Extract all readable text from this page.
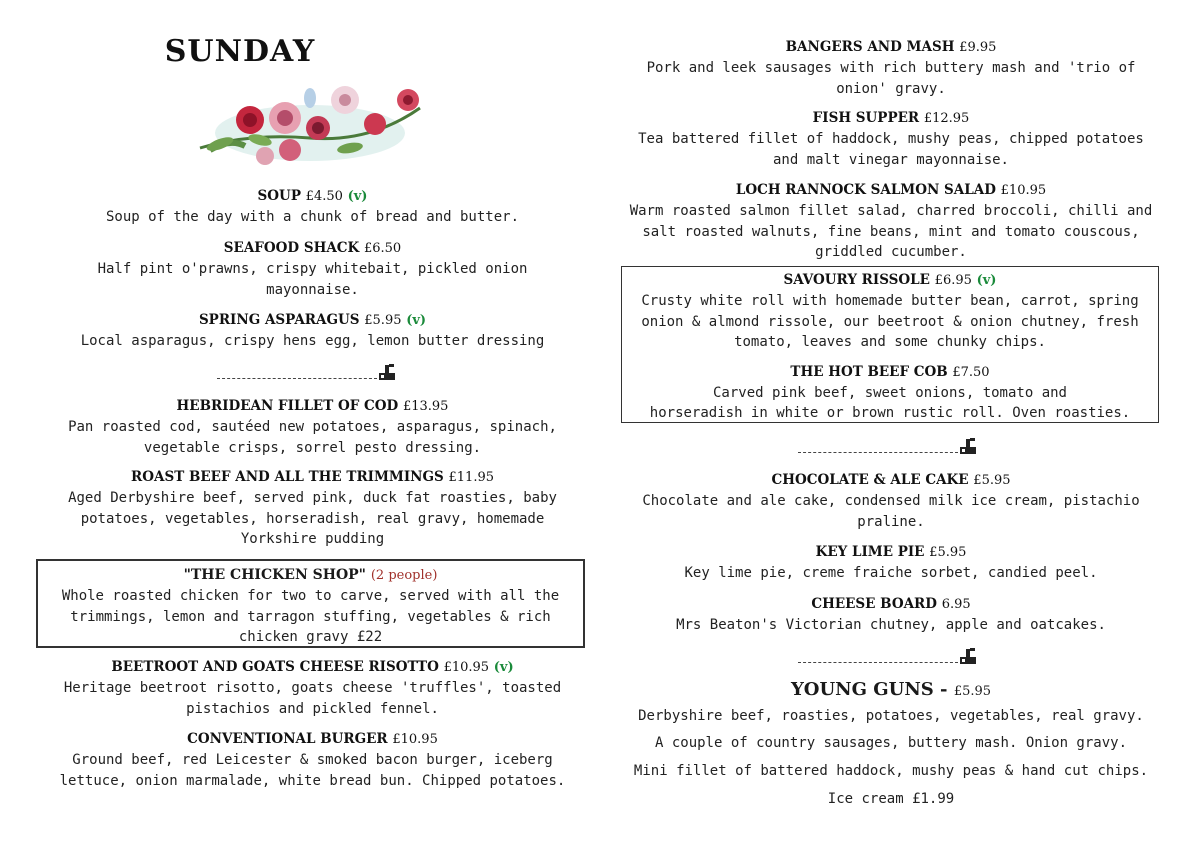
SUNDAY
SOUP £4.50 (v)
Soup of the day with a chunk of bread and butter.
SEAFOOD SHACK £6.50
Half pint o'prawns, crispy whitebait, pickled onion
mayonnaise.
SPRING ASPARAGUS £5.95 (v)
Local asparagus, crispy hens egg, lemon butter dressing
HEBRIDEAN FILLET OF COD £13.95
Pan roasted cod, sautéed new potatoes, asparagus, spinach,
vegetable crisps, sorrel pesto dressing.
ROAST BEEF AND ALL THE TRIMMINGS £11.95
Aged Derbyshire beef, served pink, duck fat roasties, baby
potatoes, vegetables, horseradish, real gravy, homemade
Yorkshire pudding
"THE CHICKEN SHOP" (2 people)
Whole roasted chicken for two to carve, served with all the
trimmings, lemon and tarragon stuffing, vegetables & rich
chicken gravy £22
BEETROOT AND GOATS CHEESE RISOTTO £10.95 (v)
Heritage beetroot risotto, goats cheese 'truffles', toasted
pistachios and pickled fennel.
CONVENTIONAL BURGER £10.95
Ground beef, red Leicester & smoked bacon burger, iceberg
lettuce, onion marmalade, white bread bun. Chipped potatoes.
BANGERS AND MASH £9.95
Pork and leek sausages with rich buttery mash and 'trio of
onion' gravy.
FISH SUPPER £12.95
Tea battered fillet of haddock, mushy peas, chipped potatoes
and malt vinegar mayonnaise.
LOCH RANNOCK SALMON SALAD £10.95
Warm roasted salmon fillet salad, charred broccoli, chilli and
salt roasted walnuts, fine beans, mint and tomato couscous,
griddled cucumber.
SAVOURY RISSOLE £6.95 (v)
Crusty white roll with homemade butter bean, carrot, spring
onion & almond rissole, our beetroot & onion chutney, fresh
tomato, leaves and some chunky chips.
THE HOT BEEF COB £7.50
Carved pink beef, sweet onions, tomato and
horseradish in white or brown rustic roll. Oven roasties.
CHOCOLATE & ALE CAKE £5.95
Chocolate and ale cake, condensed milk ice cream, pistachio
praline.
KEY LIME PIE £5.95
Key lime pie, creme fraiche sorbet, candied peel.
CHEESE BOARD 6.95
Mrs Beaton's Victorian chutney, apple and oatcakes.
YOUNG GUNS - £5.95
Derbyshire beef, roasties, potatoes, vegetables, real gravy.
A couple of country sausages, buttery mash. Onion gravy.
Mini fillet of battered haddock, mushy peas & hand cut chips.
Ice cream £1.99
